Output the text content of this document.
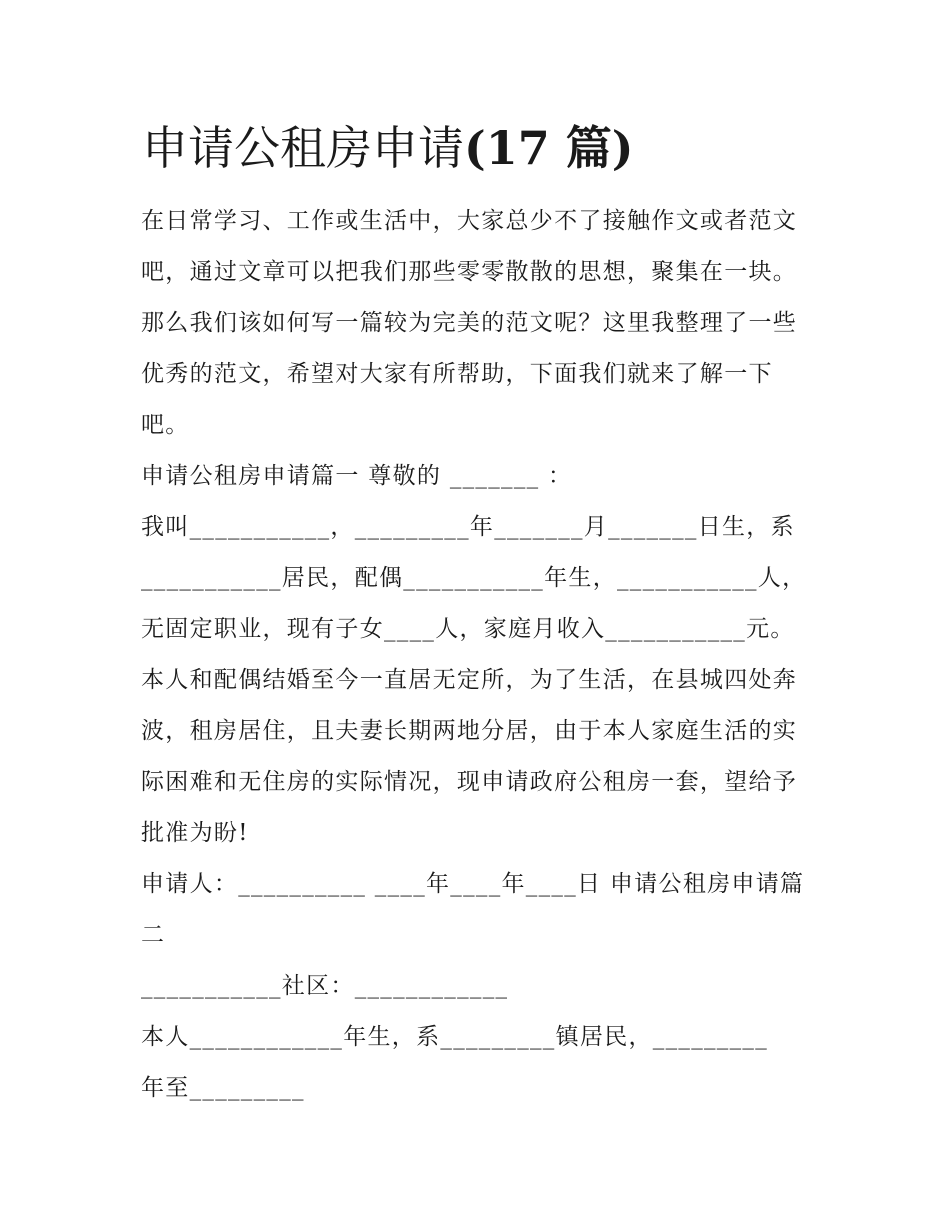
申请公租房申请(17 篇)

在日常学习、工作或生活中，大家总少不了接触作文或者范文

吧，通过文章可以把我们那些零零散散的思想，聚集在一块。

那么我们该如何写一篇较为完美的范文呢？这里我整理了一些

优秀的范文，希望对大家有所帮助，下面我们就来了解一下

吧。

申请公租房申请篇一 尊敬的 _______ ：

我叫___________，_________年_______月_______日生，系

___________居民，配偶___________年生，___________人，

无固定职业，现有子女____人，家庭月收入___________元。

本人和配偶结婚至今一直居无定所，为了生活，在县城四处奔

波，租房居住，且夫妻长期两地分居，由于本人家庭生活的实

际困难和无住房的实际情况，现申请政府公租房一套，望给予

批准为盼!

申请人：__________ ____年____年____日 申请公租房申请篇

二

___________社区：____________

本人____________年生，系_________镇居民，_________

年至_________
